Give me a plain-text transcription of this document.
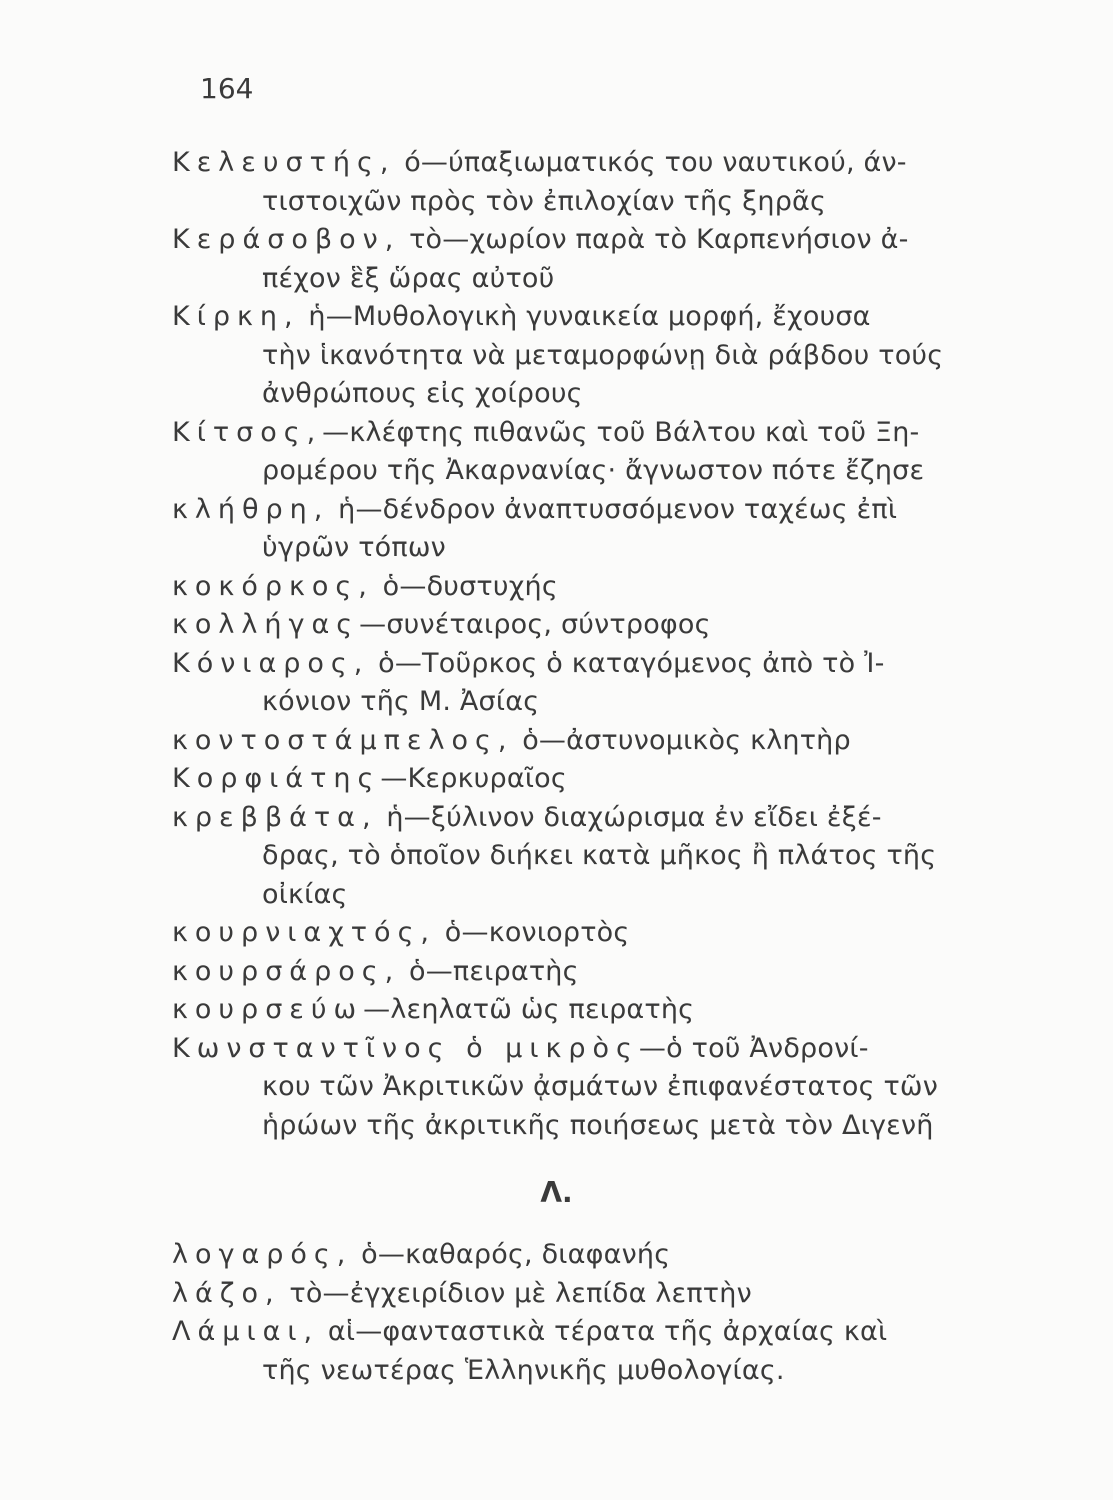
164
Κελευστής, ό—ύπαξιωματικός του ναυτικού, άν-
τιστοιχῶν πρὸς τὸν ἐπιλοχίαν τῆς ξηρᾶς
Κεράσοβον, τὸ—χωρίον παρὰ τὸ Καρπενήσιον ἀ-
πέχον ἓξ ὥρας αὐτοῦ
Κίρκη, ἡ—Μυθολογικὴ γυναικεία μορφή, ἔχουσα
τὴν ἱκανότητα νὰ μεταμορφώνῃ διὰ ράβδου τούς
ἀνθρώπους εἰς χοίρους
Κίτσος,—κλέφτης πιθανῶς τοῦ Βάλτου καὶ τοῦ Ξη-
ρομέρου τῆς Ἀκαρνανίας· ἄγνωστον πότε ἔζησε
κλήθρη, ἡ—δένδρον ἀναπτυσσόμενον ταχέως ἐπὶ
ὑγρῶν τόπων
κοκόρκος, ὁ—δυστυχής
κολλήγας—συνέταιρος, σύντροφος
Κόνιαρος, ὁ—Τοῦρκος ὁ καταγόμενος ἀπὸ τὸ Ἰ-
κόνιον τῆς Μ. Ἀσίας
κοντοστάμπελος, ὁ—ἀστυνομικὸς κλητὴρ
Κορφιάτης—Κερκυραῖος
κρεββάτα, ἡ—ξύλινον διαχώρισμα ἐν εἴδει ἐξέ-
δρας, τὸ ὁποῖον διήκει κατὰ μῆκος ἢ πλάτος τῆς
οἰκίας
κουρνιαχτός, ὁ—κονιορτὸς
κουρσάρος, ὁ—πειρατὴς
κουρσεύω—λεηλατῶ ὡς πειρατὴς
Κωνσταντῖνος ὁ μικρὸς—ὁ τοῦ Ἀνδρονί-
κου τῶν Ἀκριτικῶν ᾀσμάτων ἐπιφανέστατος τῶν
ἡρώων τῆς ἀκριτικῆς ποιήσεως μετὰ τὸν Διγενῆ
λογαρός, ὁ—καθαρός, διαφανής
λάζο, τὸ—ἐγχειρίδιον μὲ λεπίδα λεπτὴν
Λάμιαι, αἱ—φανταστικὰ τέρατα τῆς ἀρχαίας καὶ
τῆς νεωτέρας Ἑλληνικῆς μυθολογίας.
Λ.
